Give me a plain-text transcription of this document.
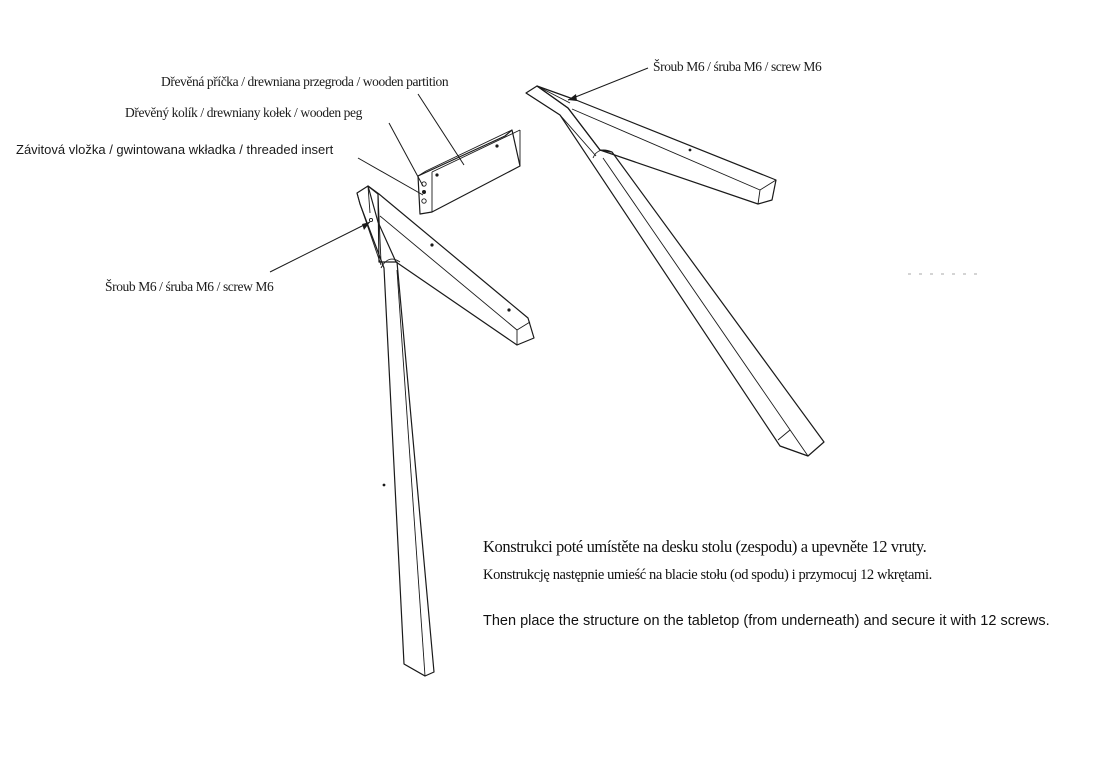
Dřevěná příčka / drewniana przegroda / wooden partition
Dřevěný kolík / drewniany kołek / wooden peg
Závitová vložka / gwintowana wkładka / threaded insert
Šroub M6 / śruba M6 / screw M6
Šroub M6 / śruba M6 / screw M6
Konstrukci poté umístěte na desku stolu (zespodu) a upevněte 12 vruty.
Konstrukcję następnie umieść na blacie stołu (od spodu) i przymocuj 12 wkrętami.
Then place the structure on the tabletop (from underneath) and secure it with 12 screws.
